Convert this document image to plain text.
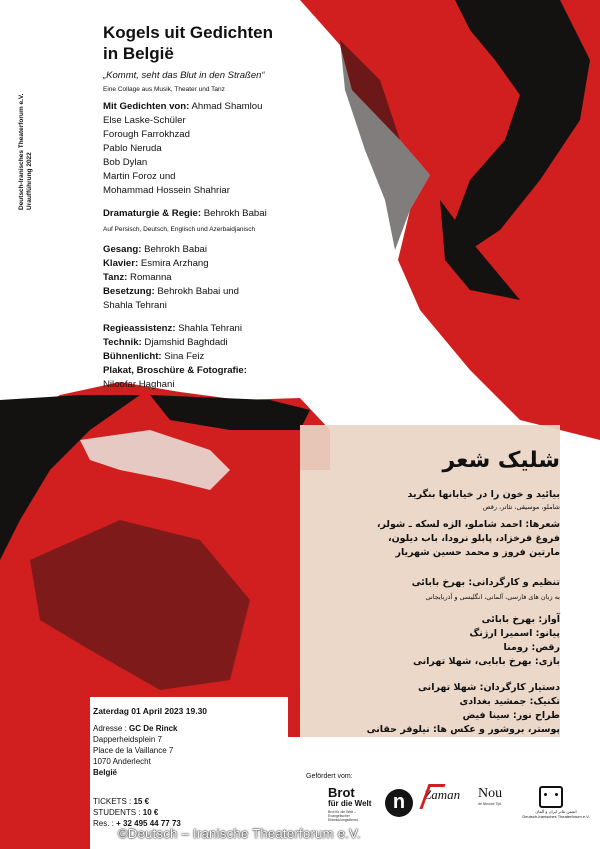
Deutsch-Iranisches Theaterforum e.V. Uraufführung 2022
Kogels uit Gedichten
in België
„Kommt, seht das Blut in den Straßen“
Eine Collage aus Musik, Theater und Tanz
Mit Gedichten von: Ahmad Shamlou
Else Laske-Schüler
Forough Farrokhzad
Pablo Neruda
Bob Dylan
Martin Foroz und
Mohammad Hossein Shahriar
Dramaturgie & Regie: Behrokh Babai
Auf Persisch, Deutsch, Englisch und Azerbaidjanisch
Gesang: Behrokh Babai
Klavier: Esmira Arzhang
Tanz: Romanna
Besetzung: Behrokh Babai und
Shahla Tehrani
Regieassistenz: Shahla Tehrani
Technik: Djamshid Baghdadi
Bühnenlicht: Sina Feiz
Plakat, Broschüre & Fotografie:
Niloofar Haghani
شلیک شعر
بیائید و خون را در خیابانها بنگرید
شاملو، موسیقی، تئاتر، رقص
شعرها: احمد شاملو، الزه لسکه ـ شولر،
فروغ فرخزاد، پابلو نرودا، باب دیلون،
مارتین فروز و محمد حسین شهریار
تنظیم و کارگردانی: بهرخ بابائی
به زبان های فارسی، آلمانی، انگلیسی و آذربایجانی
آواز: بهرخ بابائی
پیانو: اسمیرا ارژنگ
رقص: رومنا
بازی: بهرخ بابایی، شهلا تهرانی
دستیار کارگردان: شهلا تهرانی
تکنیک: جمشید بغدادی
طراح نور: سینا فیض
پوستر، بروشور و عکس ها: نیلوفر حقانی
Zaterdag 01 April 2023 19.30
Adresse : GC De Rinck
Dapperheidsplein 7
Place de la Vaillance 7
1070 Anderlecht
België
TICKETS : 15 €
STUDENTS : 10 €
Res. : + 32 495 44 77 73
Gefördert vom:
Brot
für die Welt
Brot für die Welt – Evangelischer Entwicklungsdienst
n	Zaman	Nou
de Nieuwe Tijd
انجمن تئاتر ایران و آلمان
Deutsch-Iranisches Theaterforum e.V.
©Deutsch – Iranische Theaterforum e.V.
